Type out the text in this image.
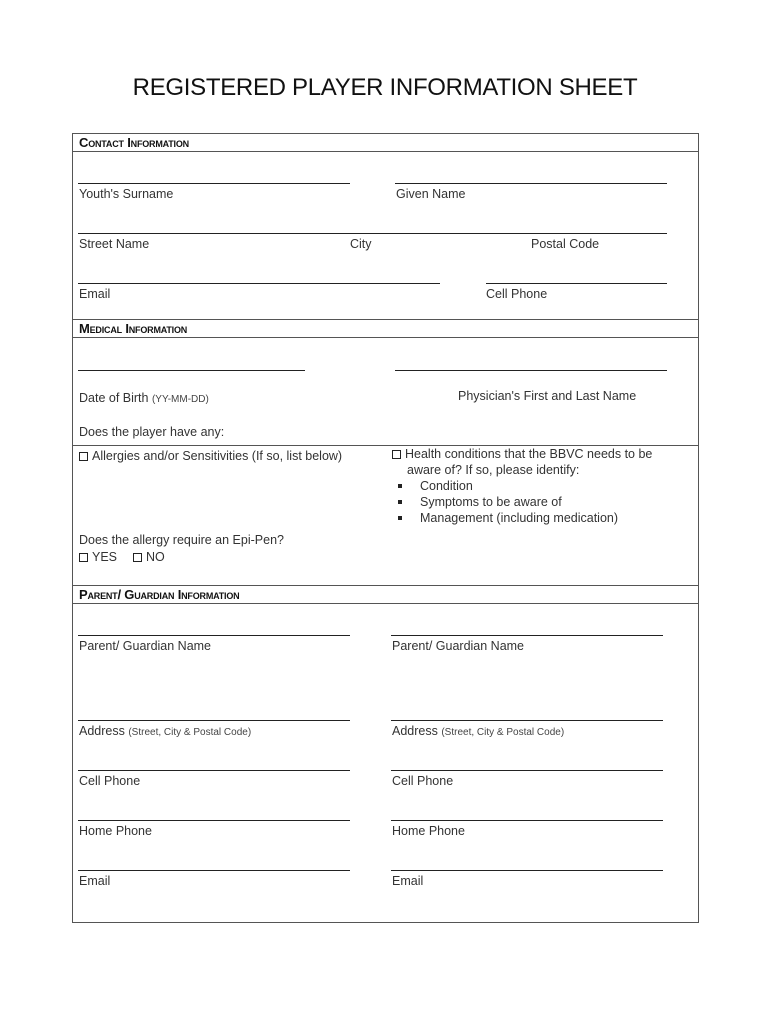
REGISTERED PLAYER INFORMATION SHEET
Contact Information
Youth's Surname	Given Name
Street Name	City	Postal Code
Email	Cell Phone
Medical Information
Date of Birth (YY-MM-DD)	Physician's First and Last Name
Does the player have any:
Allergies and/or Sensitivities (If so, list below)	Health conditions that the BBVC needs to be
aware of? If so, please identify:
Condition
Symptoms to be aware of
Management (including medication)
Does the allergy require an Epi-Pen?
YES	NO
Parent/ Guardian Information
Parent/ Guardian Name	Parent/ Guardian Name
Address (Street, City & Postal Code)	Address (Street, City & Postal Code)
Cell Phone	Cell Phone
Home Phone	Home Phone
Email	Email
